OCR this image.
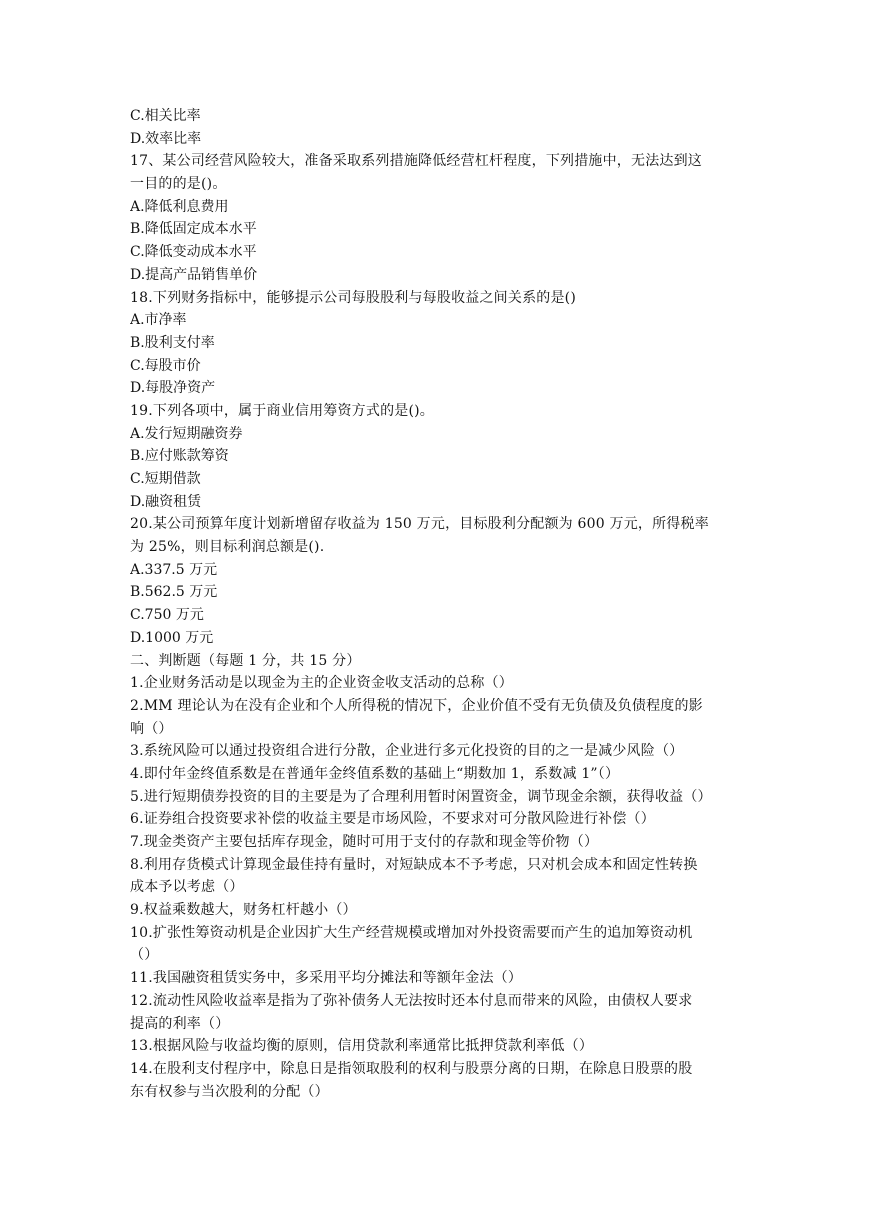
C.相关比率
D.效率比率
17、某公司经营风险较大，准备采取系列措施降低经营杠杆程度，下列措施中，无法达到这
一目的的是()。
A.降低利息费用
B.降低固定成本水平
C.降低变动成本水平
D.提高产品销售单价
18.下列财务指标中，能够提示公司每股股利与每股收益之间关系的是()
A.市净率
B.股利支付率
C.每股市价
D.每股净资产
19.下列各项中，属于商业信用筹资方式的是()。
A.发行短期融资券
B.应付账款筹资
C.短期借款
D.融资租赁
20.某公司预算年度计划新增留存收益为 150 万元，目标股利分配额为 600 万元，所得税率
为 25%，则目标利润总额是().
A.337.5 万元
B.562.5 万元
C.750 万元
D.1000 万元
二、判断题（每题 1 分，共 15 分）
1.企业财务活动是以现金为主的企业资金收支活动的总称（）
2.MM 理论认为在没有企业和个人所得税的情况下，企业价值不受有无负债及负债程度的影
响（）
3.系统风险可以通过投资组合进行分散，企业进行多元化投资的目的之一是减少风险（）
4.即付年金终值系数是在普通年金终值系数的基础上“期数加 1，系数减 1”（）
5.进行短期债券投资的目的主要是为了合理利用暂时闲置资金，调节现金余额，获得收益（）
6.证券组合投资要求补偿的收益主要是市场风险，不要求对可分散风险进行补偿（）
7.现金类资产主要包括库存现金，随时可用于支付的存款和现金等价物（）
8.利用存货模式计算现金最佳持有量时，对短缺成本不予考虑，只对机会成本和固定性转换
成本予以考虑（）
9.权益乘数越大，财务杠杆越小（）
10.扩张性筹资动机是企业因扩大生产经营规模或增加对外投资需要而产生的追加筹资动机
（）
11.我国融资租赁实务中，多采用平均分摊法和等额年金法（）
12.流动性风险收益率是指为了弥补债务人无法按时还本付息而带来的风险，由债权人要求
提高的利率（）
13.根据风险与收益均衡的原则，信用贷款利率通常比抵押贷款利率低（）
14.在股利支付程序中，除息日是指领取股利的权利与股票分离的日期，在除息日股票的股
东有权参与当次股利的分配（）
